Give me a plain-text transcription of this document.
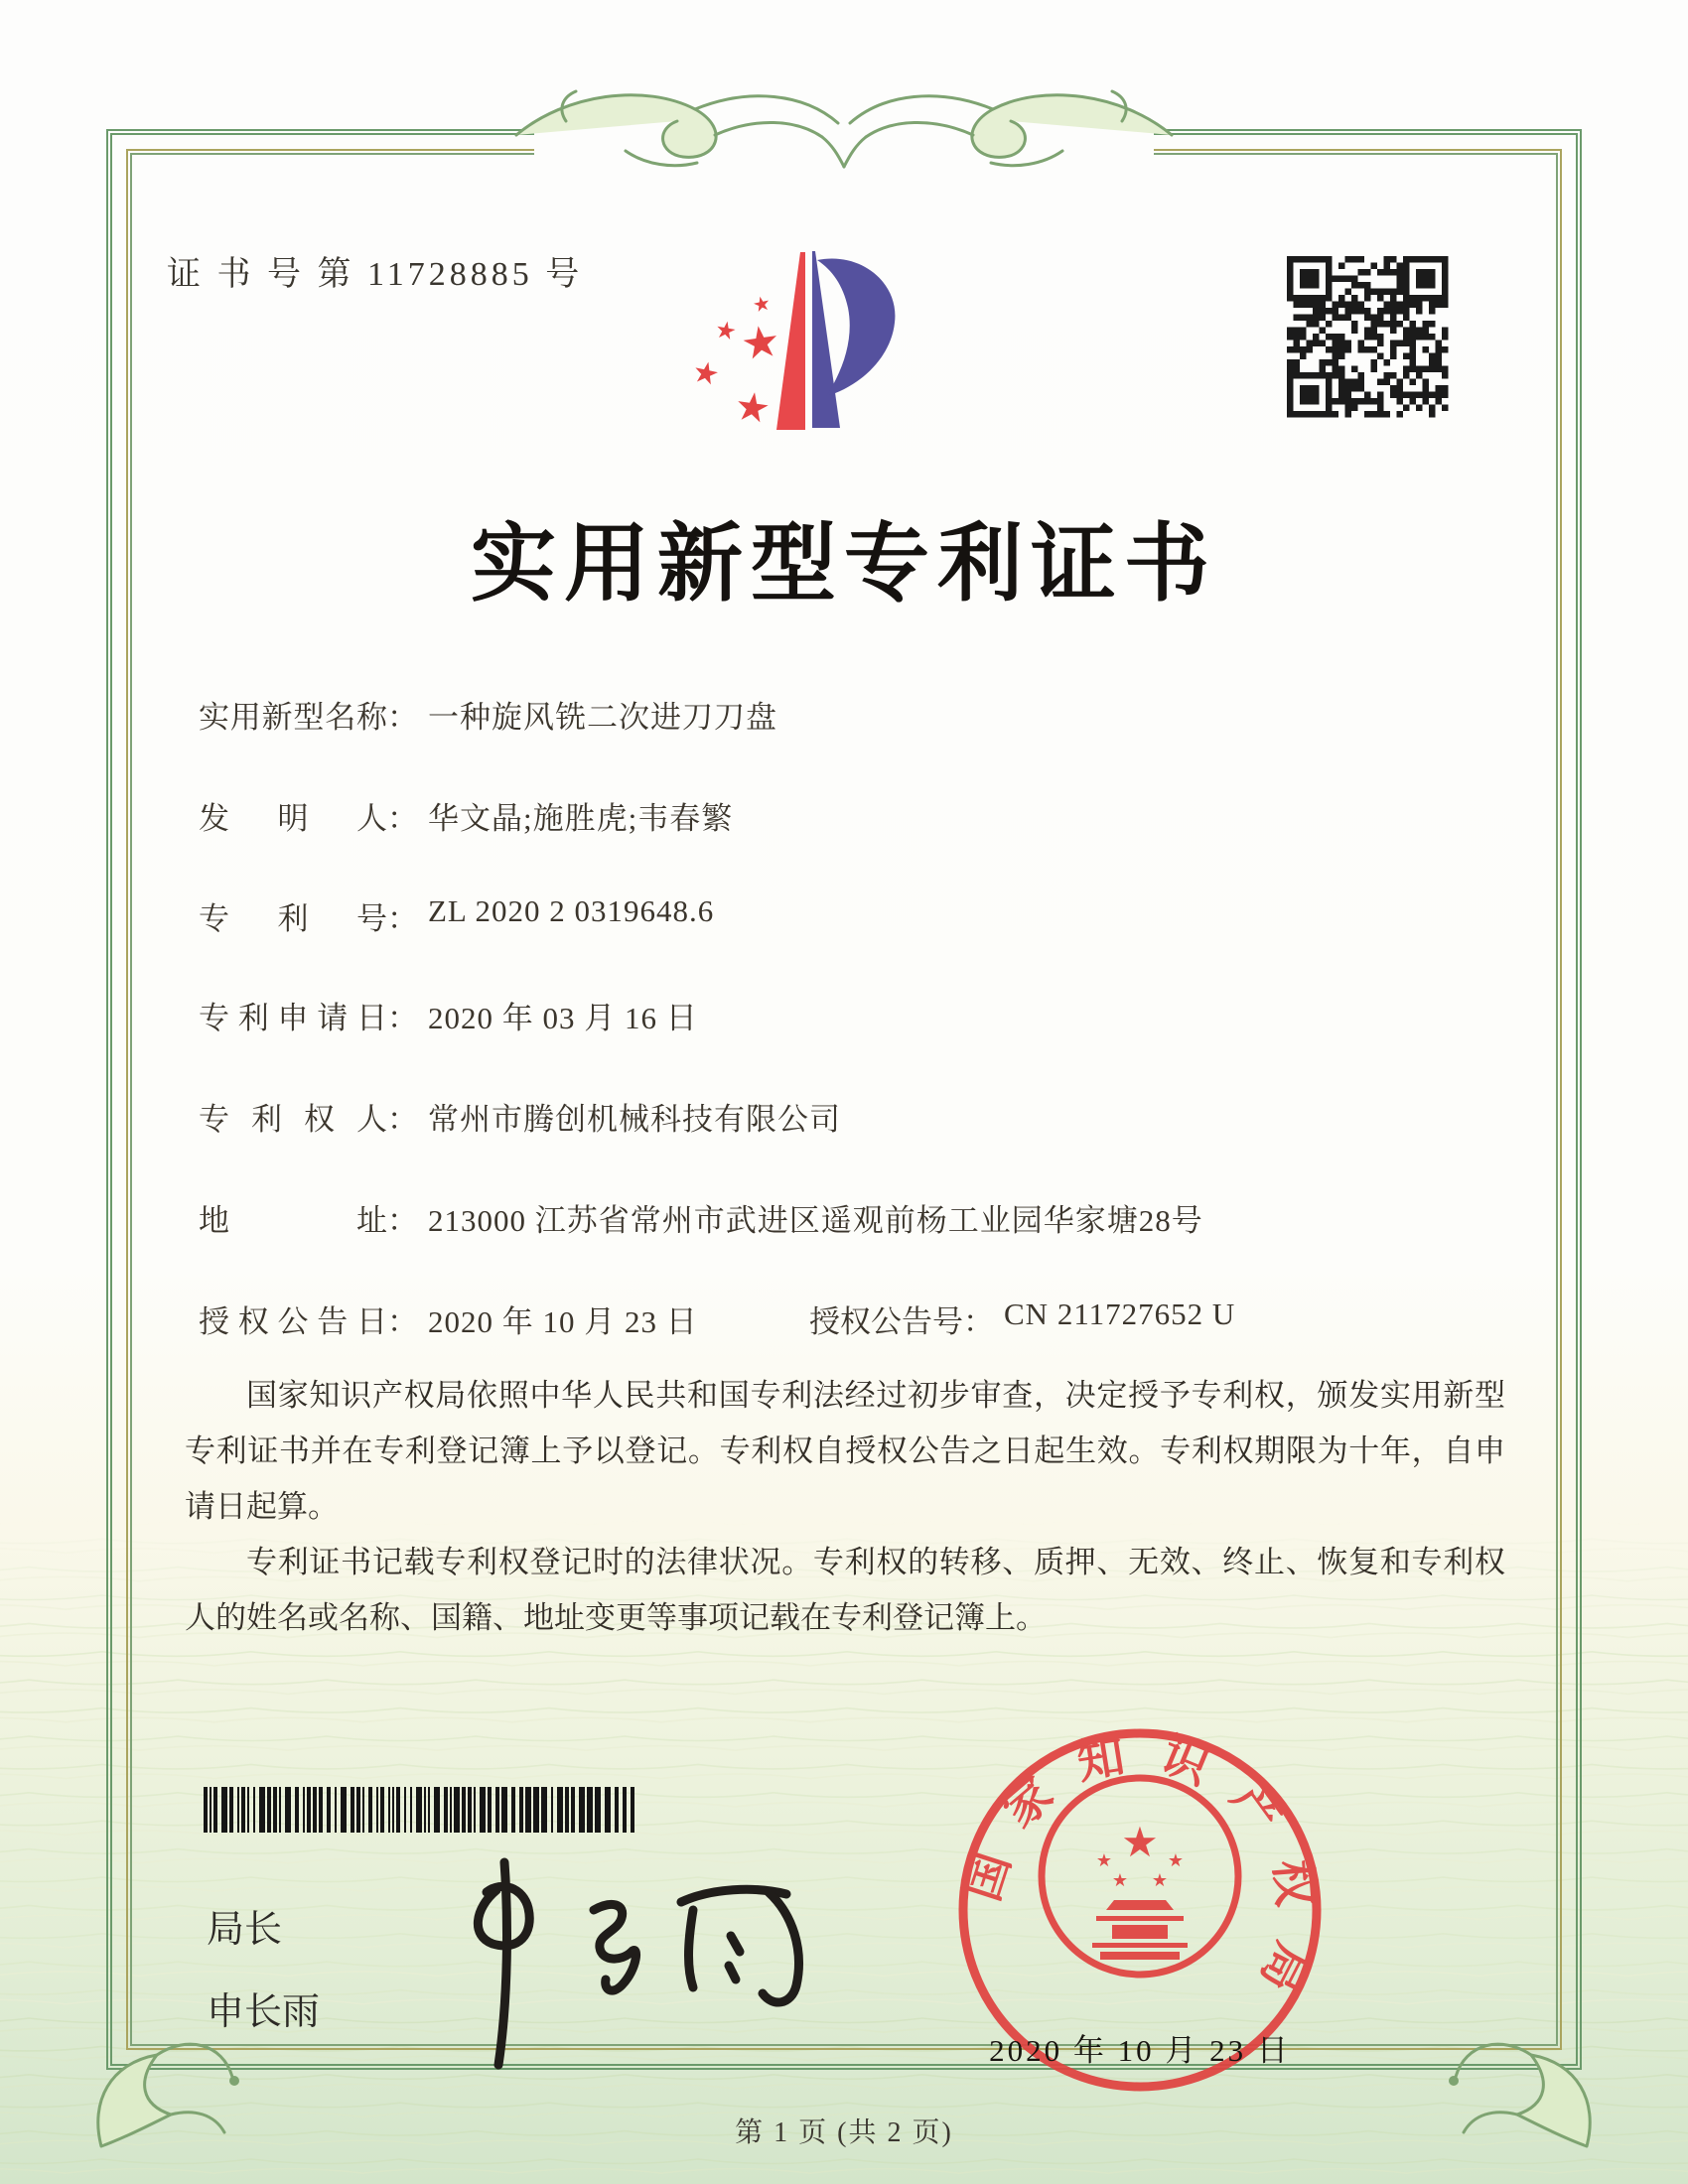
证 书 号 第 11728885 号
★
★
★
★
★
实用新型专利证书
实用新型名称： 一种旋风铣二次进刀刀盘
发明人： 华文晶;施胜虎;韦春繁
专利号： ZL 2020 2 0319648.6
专利申请日： 2020 年 03 月 16 日
专利权人： 常州市腾创机械科技有限公司
地址： 213000 江苏省常州市武进区遥观前杨工业园华家塘28号
授权公告日： 2020 年 10 月 23 日	授权公告号： CN 211727652 U

国家知识产权局依照中华人民共和国专利法经过初步审查，决定授予专利权，颁发实用新型专利证书并在专利登记簿上予以登记。专利权自授权公告之日起生效。专利权期限为十年，自申请日起算。

专利证书记载专利权登记时的法律状况。专利权的转移、质押、无效、终止、恢复和专利权人的姓名或名称、国籍、地址变更等事项记载在专利登记簿上。

局长
申长雨
国家知识产权局
★
★	★
★ ★
2020 年 10 月 23 日
第 1 页 (共 2 页)
